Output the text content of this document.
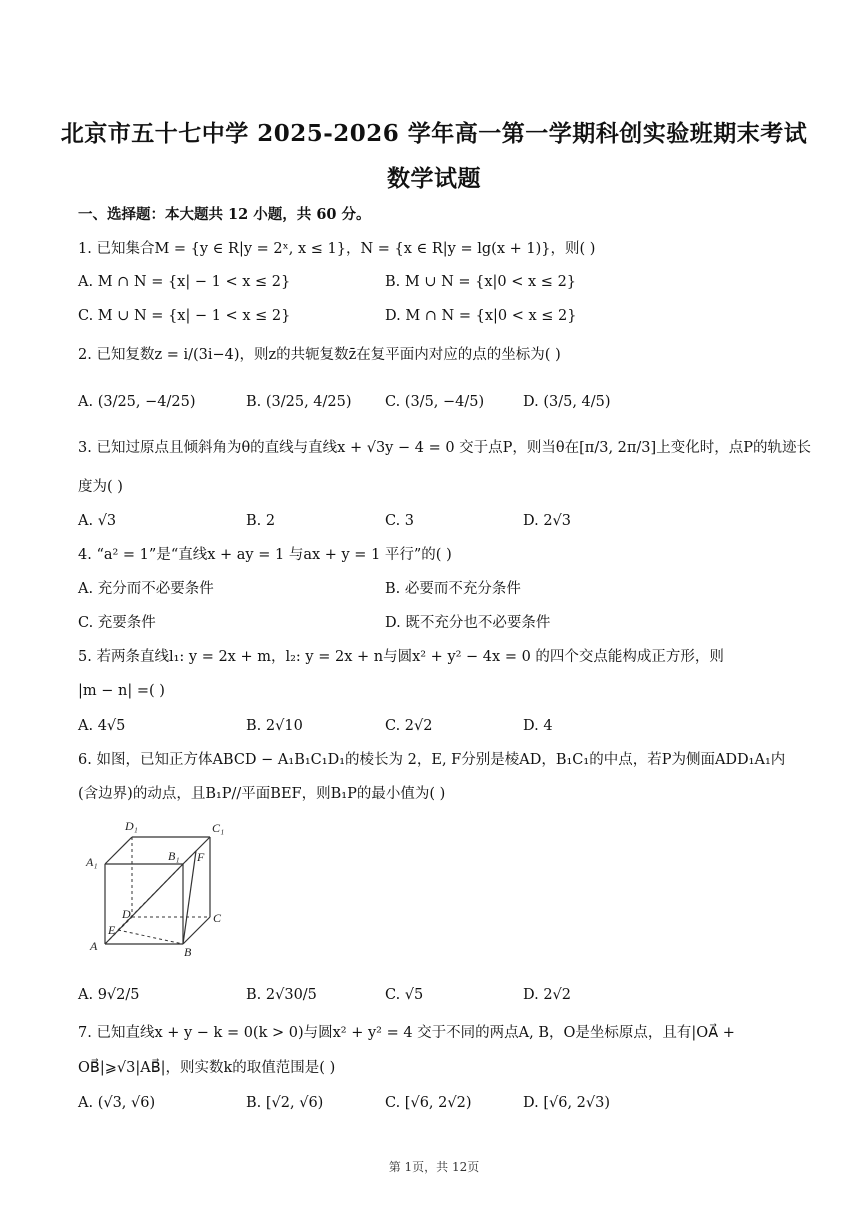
北京市五十七中学 2025-2026 学年高一第一学期科创实验班期末考试
数学试题
一、选择题：本大题共 12 小题，共 60 分。
1. 已知集合M = {y ∈ R|y = 2ˣ, x ≤ 1}，N = {x ∈ R|y = lg(x + 1)}，则( )
A. M ∩ N = {x| − 1 < x ≤ 2}	B. M ∪ N = {x|0 < x ≤ 2}
C. M ∪ N = {x| − 1 < x ≤ 2}	D. M ∩ N = {x|0 < x ≤ 2}
2. 已知复数z = i/(3i−4)，则z的共轭复数z̄在复平面内对应的点的坐标为( )
A. (3/25, −4/25)	B. (3/25, 4/25) C. (3/5, −4/5)	D. (3/5, 4/5)
3. 已知过原点且倾斜角为θ的直线与直线x + √3y − 4 = 0 交于点P，则当θ在[π/3, 2π/3]上变化时，点P的轨迹长
度为( )
A. √3	B. 2	C. 3	D. 2√3
4. “a² = 1”是“直线x + ay = 1 与ax + y = 1 平行”的( )
A. 充分而不必要条件	B. 必要而不充分条件
C. 充要条件	D. 既不充分也不必要条件
5. 若两条直线l₁: y = 2x + m，l₂: y = 2x + n与圆x² + y² − 4x = 0 的四个交点能构成正方形，则
|m − n| =( )
A. 4√5	B. 2√10	C. 2√2	D. 4
6. 如图，已知正方体ABCD − A₁B₁C₁D₁的棱长为 2，E, F分别是棱AD，B₁C₁的中点，若P为侧面ADD₁A₁内
(含边界)的动点，且B₁P//平面BEF，则B₁P的最小值为( )
D₁	C₁
A₁	B₁ F
D	C
E
A	B
A. 9√2/5	B. 2√30/5	C. √5	D. 2√2
7. 已知直线x + y − k = 0(k > 0)与圆x² + y² = 4 交于不同的两点A, B，O是坐标原点，且有|OA⃗ +
OB⃗|⩾√3|AB⃗|，则实数k的取值范围是( )
A. (√3, √6)	B. [√2, √6)	C. [√6, 2√2)	D. [√6, 2√3)
第 1页，共 12页
